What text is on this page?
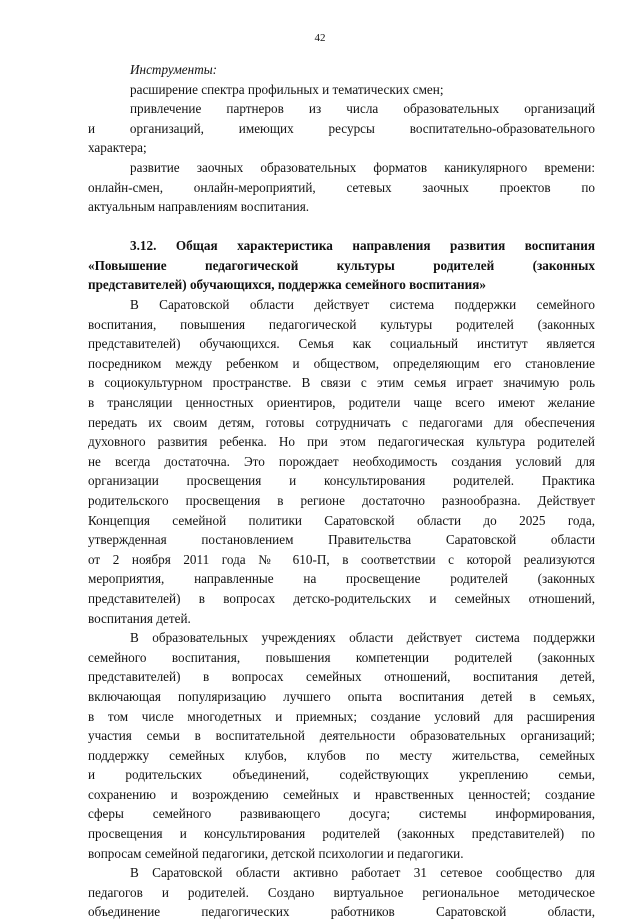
42
Инструменты:
расширение спектра профильных и тематических смен;
привлечение партнеров из числа образовательных организаций
и организаций, имеющих ресурсы воспитательно-образовательного
характера;
развитие заочных образовательных форматов каникулярного времени:
онлайн-смен, онлайн-мероприятий, сетевых заочных проектов по
актуальным направлениям воспитания.
3.12. Общая характеристика направления развития воспитания
«Повышение педагогической культуры родителей (законных
представителей) обучающихся, поддержка семейного воспитания»
В Саратовской области действует система поддержки семейного
воспитания, повышения педагогической культуры родителей (законных
представителей) обучающихся. Семья как социальный институт является
посредником между ребенком и обществом, определяющим его становление
в социокультурном пространстве. В связи с этим семья играет значимую роль
в трансляции ценностных ориентиров, родители чаще всего имеют желание
передать их своим детям, готовы сотрудничать с педагогами для обеспечения
духовного развития ребенка. Но при этом педагогическая культура родителей
не всегда достаточна. Это порождает необходимость создания условий для
организации просвещения и консультирования родителей. Практика
родительского просвещения в регионе достаточно разнообразна. Действует
Концепция семейной политики Саратовской области до 2025 года,
утвержденная постановлением Правительства Саратовской области
от 2 ноября 2011 года № 610-П, в соответствии с которой реализуются
мероприятия, направленные на просвещение родителей (законных
представителей) в вопросах детско-родительских и семейных отношений,
воспитания детей.
В образовательных учреждениях области действует система поддержки
семейного воспитания, повышения компетенции родителей (законных
представителей) в вопросах семейных отношений, воспитания детей,
включающая популяризацию лучшего опыта воспитания детей в семьях,
в том числе многодетных и приемных; создание условий для расширения
участия семьи в воспитательной деятельности образовательных организаций;
поддержку семейных клубов, клубов по месту жительства, семейных
и родительских объединений, содействующих укреплению семьи,
сохранению и возрождению семейных и нравственных ценностей; создание
сферы семейного развивающего досуга; системы информирования,
просвещения и консультирования родителей (законных представителей) по
вопросам семейной педагогики, детской психологии и педагогики.
В Саратовской области активно работает 31 сетевое сообщество для
педагогов и родителей. Создано виртуальное региональное методическое
объединение педагогических работников Саратовской области,
